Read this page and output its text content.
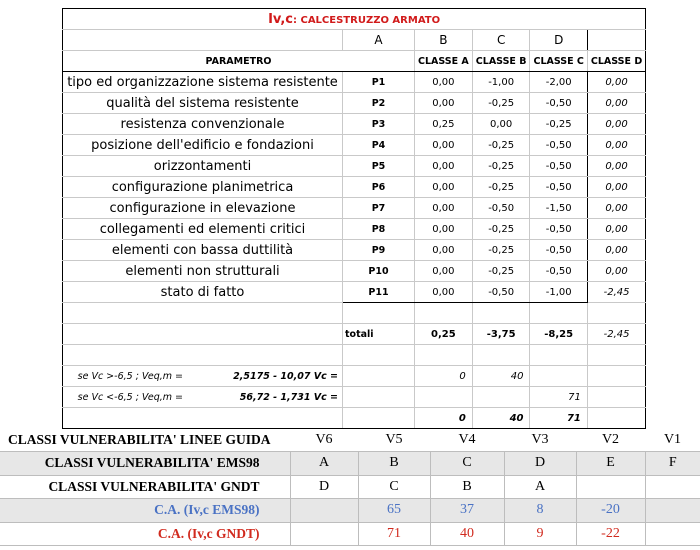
Iv,c: CALCESTRUZZO ARMATO					
	A	B	C	D	
PARAMETRO		CLASSE A	CLASSE B	CLASSE C	CLASSE D
tipo ed organizzazione sistema resistente	P1	0,00	-1,00	-2,00	0,00
qualità del sistema resistente	P2	0,00	-0,25	-0,50	0,00
resistenza convenzionale	P3	0,25	0,00	-0,25	0,00
posizione dell'edificio e fondazioni	P4	0,00	-0,25	-0,50	0,00
orizzontamenti	P5	0,00	-0,25	-0,50	0,00
configurazione planimetrica	P6	0,00	-0,25	-0,50	0,00
configurazione in elevazione	P7	0,00	-0,50	-1,50	0,00
collegamenti ed elementi critici	P8	0,00	-0,25	-0,50	0,00
elementi con bassa duttilità	P9	0,00	-0,25	-0,50	0,00
elementi non strutturali	P10	0,00	-0,25	-0,50	0,00
stato di fatto	P11	0,00	-0,50	-1,00	-2,45

	totali	0,25	-3,75	-8,25	-2,45

se Vc >-6,5 ; Veq,m = 2,5175 - 10,07 Vc =		0	40		

se Vc <-6,5 ; Veq,m = 56,72 - 1,731 Vc =				71	
		0	40	71	
CLASSI VULNERABILITA' LINEE GUIDA	V6	V5	V4	V3	V2	V1
CLASSI VULNERABILITA' EMS98	A	B	C	D	E	F
CLASSI VULNERABILITA' GNDT	D	C	B	A		
C.A. (Iv,c EMS98)		65	37	8	-20	
C.A. (Iv,c GNDT)		71	40	9	-22	
